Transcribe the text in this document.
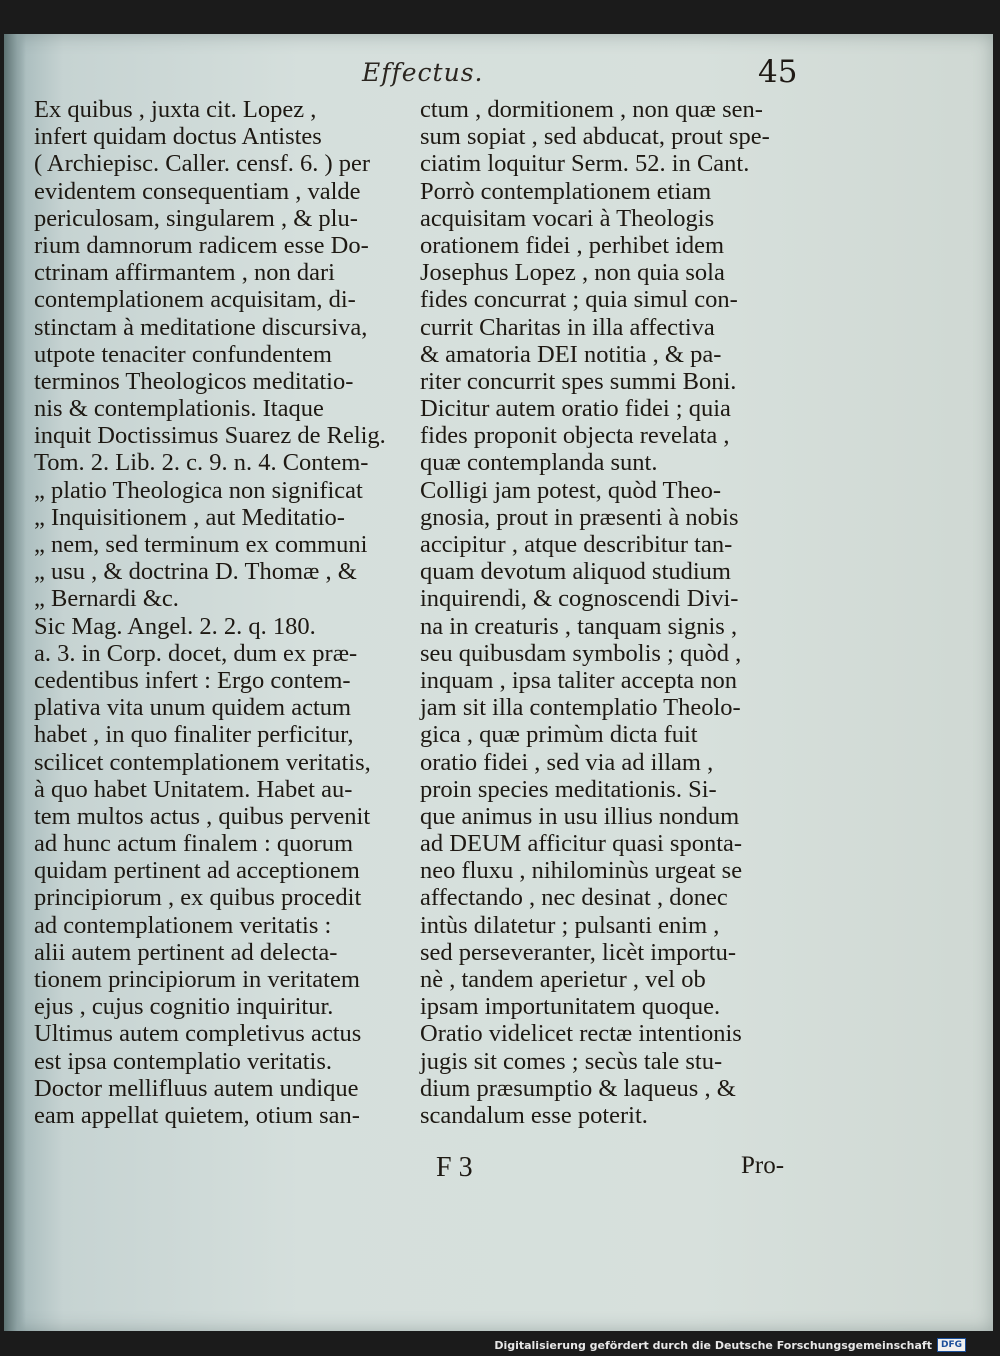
Effectus.	45
Ex quibus , juxta cit. Lopez ,
infert quidam doctus Antistes
( Archiepisc. Caller. censf. 6. ) per
evidentem consequentiam , valde
periculosam, singularem , & plu-
rium damnorum radicem esse Do-
ctrinam affirmantem , non dari
contemplationem acquisitam, di-
stinctam à meditatione discursiva,
utpote tenaciter confundentem
terminos Theologicos meditatio-
nis & contemplationis. Itaque
inquit Doctissimus Suarez de Relig.
Tom. 2. Lib. 2. c. 9. n. 4. Contem-
„ platio Theologica non significat
„ Inquisitionem , aut Meditatio-
„ nem, sed terminum ex communi
„ usu , & doctrina D. Thomæ , &
„ Bernardi &c.
Sic Mag. Angel. 2. 2. q. 180.
a. 3. in Corp. docet, dum ex præ-
cedentibus infert : Ergo contem-
plativa vita unum quidem actum
habet , in quo finaliter perficitur,
scilicet contemplationem veritatis,
à quo habet Unitatem. Habet au-
tem multos actus , quibus pervenit
ad hunc actum finalem : quorum
quidam pertinent ad acceptionem
principiorum , ex quibus procedit
ad contemplationem veritatis :
alii autem pertinent ad delecta-
tionem principiorum in veritatem
ejus , cujus cognitio inquiritur.
Ultimus autem completivus actus
est ipsa contemplatio veritatis.
Doctor mellifluus autem undique
eam appellat quietem, otium san-
ctum , dormitionem , non quæ sen-
sum sopiat , sed abducat, prout spe-
ciatim loquitur Serm. 52. in Cant.
Porrò contemplationem etiam
acquisitam vocari à Theologis
orationem fidei , perhibet idem
Josephus Lopez , non quia sola
fides concurrat ; quia simul con-
currit Charitas in illa affectiva
& amatoria DEI notitia , & pa-
riter concurrit spes summi Boni.
Dicitur autem oratio fidei ; quia
fides proponit objecta revelata ,
quæ contemplanda sunt.
Colligi jam potest, quòd Theo-
gnosia, prout in præsenti à nobis
accipitur , atque describitur tan-
quam devotum aliquod studium
inquirendi, & cognoscendi Divi-
na in creaturis , tanquam signis ,
seu quibusdam symbolis ; quòd ,
inquam , ipsa taliter accepta non
jam sit illa contemplatio Theolo-
gica , quæ primùm dicta fuit
oratio fidei , sed via ad illam ,
proin species meditationis. Si-
que animus in usu illius nondum
ad DEUM afficitur quasi sponta-
neo fluxu , nihilominùs urgeat se
affectando , nec desinat , donec
intùs dilatetur ; pulsanti enim ,
sed perseveranter, licèt importu-
nè , tandem aperietur , vel ob
ipsam importunitatem quoque.
Oratio videlicet rectæ intentionis
jugis sit comes ; secùs tale stu-
dium præsumptio & laqueus , &
scandalum esse poterit.
F 3	Pro-
Digitalisierung gefördert durch die Deutsche Forschungsgemeinschaft	DFG
